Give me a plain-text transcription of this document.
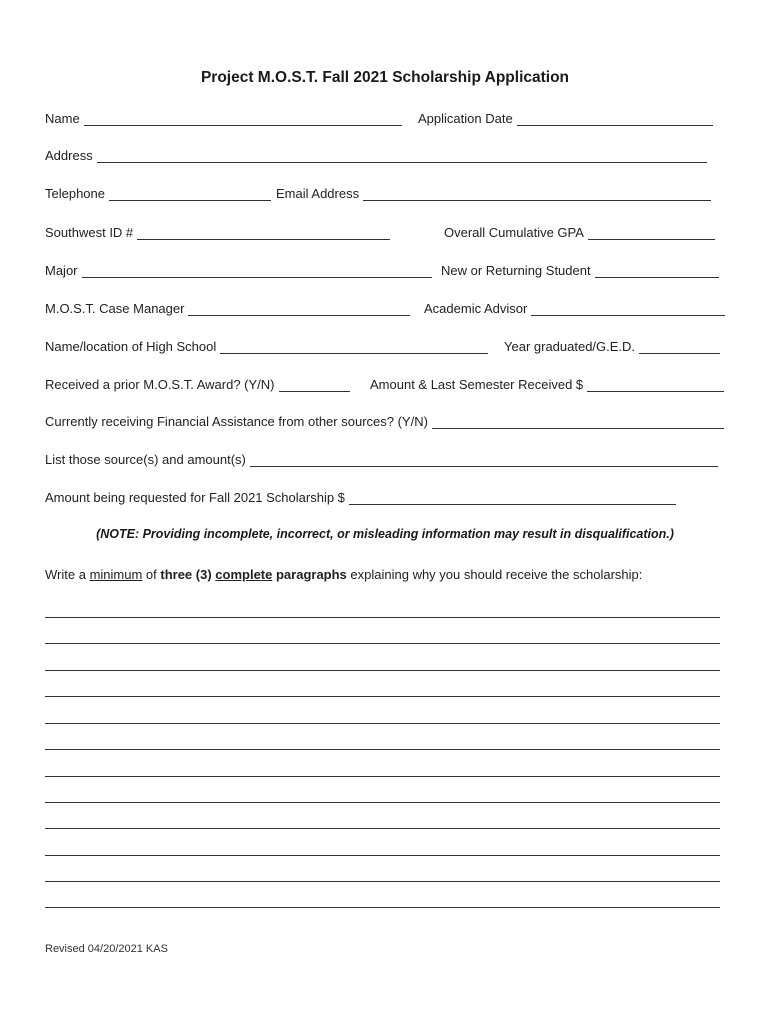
Project M.O.S.T. Fall 2021 Scholarship Application
Name	Application Date
Address
Telephone	Email Address
Southwest ID #	Overall Cumulative GPA
Major	New or Returning Student
M.O.S.T. Case Manager	Academic Advisor
Name/location of High School	Year graduated/G.E.D.
Received a prior M.O.S.T. Award? (Y/N)	Amount & Last Semester Received $
Currently receiving Financial Assistance from other sources? (Y/N)
List those source(s) and amount(s)
Amount being requested for Fall 2021 Scholarship $
(NOTE: Providing incomplete, incorrect, or misleading information may result in disqualification.)
Write a minimum of three (3) complete paragraphs explaining why you should receive the scholarship:
Revised 04/20/2021 KAS
